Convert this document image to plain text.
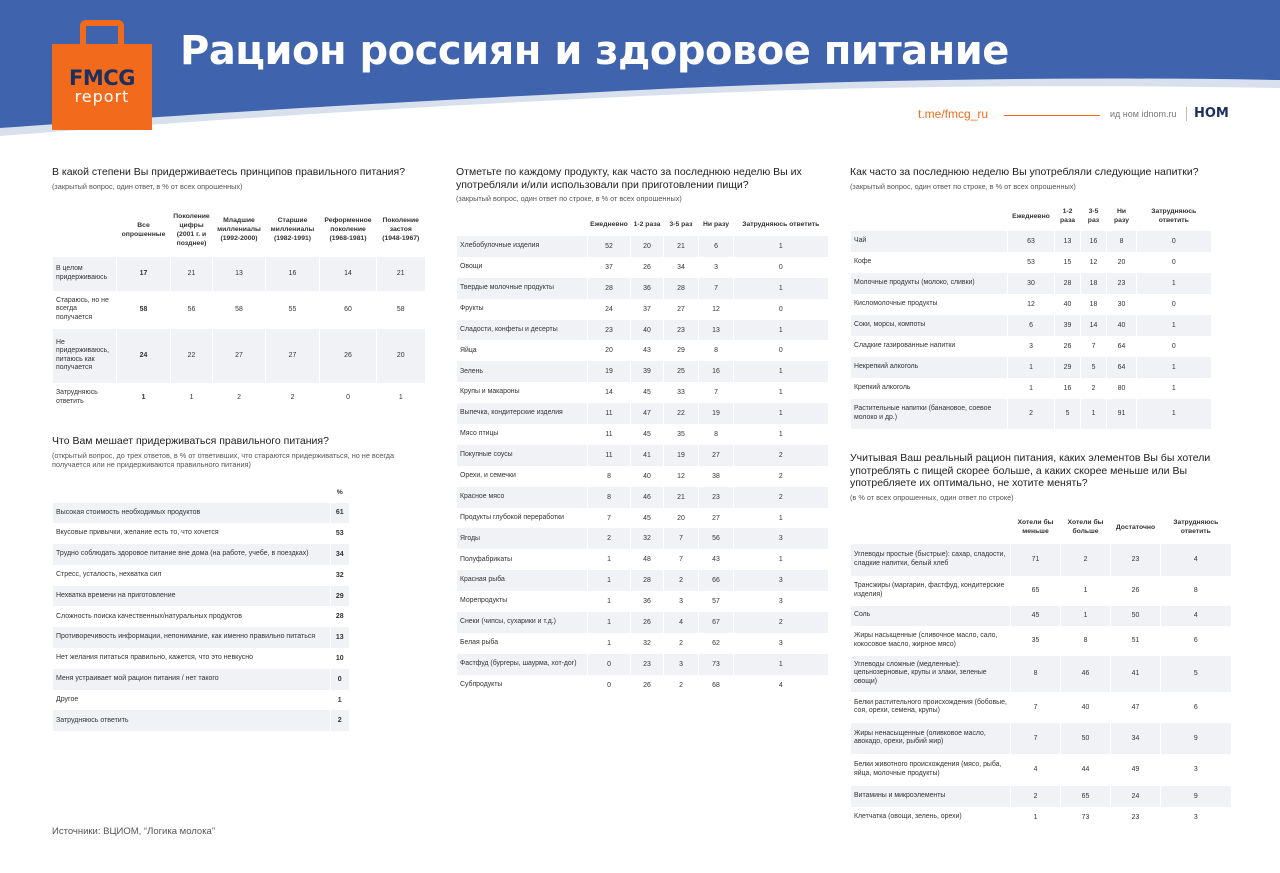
FMCG
report
Рацион россиян и здоровое питание
t.me/fmcg_ru	ид ном idnom.ru НОМ
В какой степени Вы придерживаетесь принципов правильного питания?
(закрытый вопрос, один ответ, в % от всех опрошенных)
	Все опрошенные	Поколение цифры (2001 г. и позднее)	Младшие миллениалы (1992-2000)	Старшие миллениалы (1982-1991)	Реформенное поколение (1968-1981)	Поколение застоя (1948-1967)
В целом придерживаюсь	17	21	13	16	14	21
Стараюсь, но не всегда получается	58	56	58	55	60	58
Не придерживаюсь, питаюсь как получается	24	22	27	27	26	20
Затрудняюсь ответить	1	1	2	2	0	1
Что Вам мешает придерживаться правильного питания?
(открытый вопрос, до трех ответов, в % от ответивших, что стараются придерживаться, но не всегда получается или не придерживаются правильного питания)
	%
Высокая стоимость необходимых продуктов	61
Вкусовые привычки, желание есть то, что хочется	53
Трудно соблюдать здоровое питание вне дома (на работе, учебе, в поездках)	34
Стресс, усталость, нехватка сил	32
Нехватка времени на приготовление	29
Сложность поиска качественных/натуральных продуктов	28
Противоречивость информации, непонимание, как именно правильно питаться	13
Нет желания питаться правильно, кажется, что это невкусно	10
Меня устраивает мой рацион питания / нет такого	0
Другое	1
Затрудняюсь ответить	2
Отметьте по каждому продукту, как часто за последнюю неделю Вы их употребляли и/или использовали при приготовлении пищи?
(закрытый вопрос, один ответ по строке, в % от всех опрошенных)
	Ежедневно	1-2 раза	3-5 раз	Ни разу	Затрудняюсь ответить
Хлебобулочные изделия	52	20	21	6	1
Овощи	37	26	34	3	0
Твердые молочные продукты	28	36	28	7	1
Фрукты	24	37	27	12	0
Сладости, конфеты и десерты	23	40	23	13	1
Яйца	20	43	29	8	0
Зелень	19	39	25	16	1
Крупы и макароны	14	45	33	7	1
Выпечка, кондитерские изделия	11	47	22	19	1
Мясо птицы	11	45	35	8	1
Покупные соусы	11	41	19	27	2
Орехи, и семечки	8	40	12	38	2
Красное мясо	8	46	21	23	2
Продукты глубокой переработки	7	45	20	27	1
Ягоды	2	32	7	56	3
Полуфабрикаты	1	48	7	43	1
Красная рыба	1	28	2	66	3
Морепродукты	1	36	3	57	3
Снеки (чипсы, сухарики и т.д.)	1	26	4	67	2
Белая рыба	1	32	2	62	3
Фастфуд (бургеры, шаурма, хот-дог)	0	23	3	73	1
Субпродукты	0	26	2	68	4
Как часто за последнюю неделю Вы употребляли следующие напитки?
(закрытый вопрос, один ответ по строке, в % от всех опрошенных)
	Ежедневно	1-2 раза	3-5 раз	Ни разу	Затрудняюсь ответить
Чай	63	13	16	8	0
Кофе	53	15	12	20	0
Молочные продукты (молоко, сливки)	30	28	18	23	1
Кисломолочные продукты	12	40	18	30	0
Соки, морсы, компоты	6	39	14	40	1
Сладкие газированные напитки	3	26	7	64	0
Некрепкий алкоголь	1	29	5	64	1
Крепкий алкоголь	1	16	2	80	1
Растительные напитки (банановое, соевое молоко и др.)	2	5	1	91	1
Учитывая Ваш реальный рацион питания, каких элементов Вы бы хотели употреблять с пищей скорее больше, а каких скорее меньше или Вы употребляете их оптимально, не хотите менять?
(в % от всех опрошенных, один ответ по строке)
	Хотели бы меньше	Хотели бы больше	Достаточно	Затрудняюсь ответить
Углеводы простые (быстрые): сахар, сладости, сладкие напитки, белый хлеб	71	2	23	4
Трансжиры (маргарин, фастфуд, кондитерские изделия)	65	1	26	8
Соль	45	1	50	4
Жиры насыщенные (сливочное масло, сало, кокосовое масло, жирное мясо)	35	8	51	6
Углеводы сложные (медленные): цельнозерновые, крупы и злаки, зеленые овощи)	8	46	41	5
Белки растительного происхождения (бобовые, соя, орехи, семена, крупы)	7	40	47	6
Жиры ненасыщенные (оливковое масло, авокадо, орехи, рыбий жир)	7	50	34	9
Белки животного происхождения (мясо, рыба, яйца, молочные продукты)	4	44	49	3
Витамины и микроэлементы	2	65	24	9
Клетчатка (овощи, зелень, орехи)	1	73	23	3
Источники: ВЦИОМ, “Логика молока”
